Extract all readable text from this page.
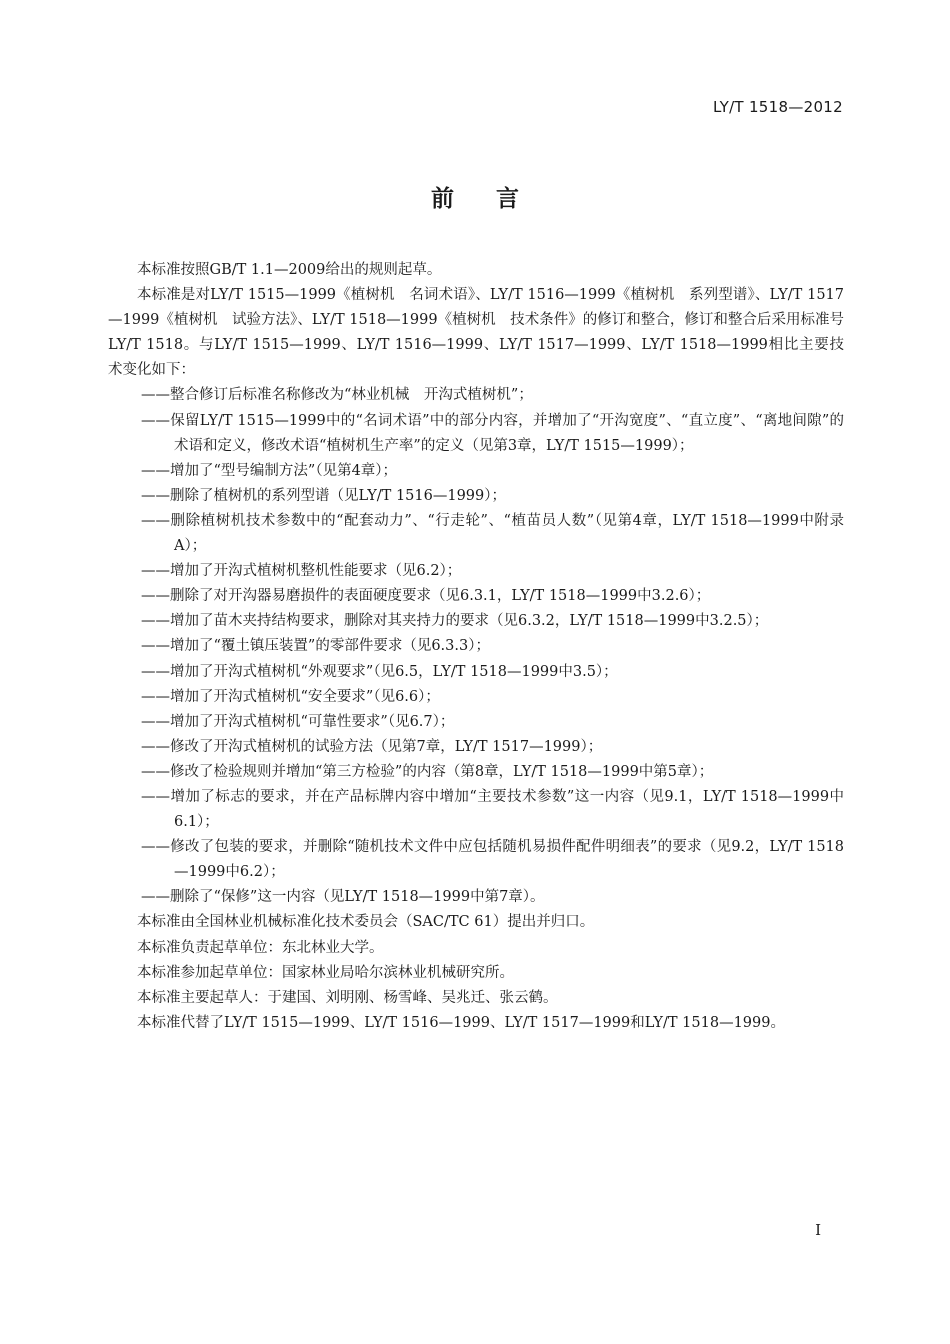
LY/T 1518—2012
前言

本标准按照GB/T 1.1—2009给出的规则起草。

本标准是对LY/T 1515—1999《植树机　名词术语》、LY/T 1516—1999《植树机　系列型谱》、LY/T 1517—1999《植树机　试验方法》、LY/T 1518—1999《植树机　技术条件》的修订和整合，修订和整合后采用标准号LY/T 1518。与LY/T 1515—1999、LY/T 1516—1999、LY/T 1517—1999、LY/T 1518—1999相比主要技术变化如下：

——整合修订后标准名称修改为“林业机械　开沟式植树机”；

——保留LY/T 1515—1999中的“名词术语”中的部分内容，并增加了“开沟宽度”、“直立度”、“离地间隙”的术语和定义，修改术语“植树机生产率”的定义（见第3章，LY/T 1515—1999）；

——增加了“型号编制方法”（见第4章）；

——删除了植树机的系列型谱（见LY/T 1516—1999）；

——删除植树机技术参数中的“配套动力”、“行走轮”、“植苗员人数”（见第4章，LY/T 1518—1999中附录A）；

——增加了开沟式植树机整机性能要求（见6.2）；

——删除了对开沟器易磨损件的表面硬度要求（见6.3.1，LY/T 1518—1999中3.2.6）；

——增加了苗木夹持结构要求，删除对其夹持力的要求（见6.3.2，LY/T 1518—1999中3.2.5）；

——增加了“覆土镇压装置”的零部件要求（见6.3.3）；

——增加了开沟式植树机“外观要求”（见6.5，LY/T 1518—1999中3.5）；

——增加了开沟式植树机“安全要求”（见6.6）；

——增加了开沟式植树机“可靠性要求”（见6.7）；

——修改了开沟式植树机的试验方法（见第7章，LY/T 1517—1999）；

——修改了检验规则并增加“第三方检验”的内容（第8章，LY/T 1518—1999中第5章）；

——增加了标志的要求，并在产品标牌内容中增加“主要技术参数”这一内容（见9.1，LY/T 1518—1999中6.1）；

——修改了包装的要求，并删除“随机技术文件中应包括随机易损件配件明细表”的要求（见9.2，LY/T 1518—1999中6.2）；

——删除了“保修”这一内容（见LY/T 1518—1999中第7章）。

本标准由全国林业机械标准化技术委员会（SAC/TC 61）提出并归口。

本标准负责起草单位：东北林业大学。

本标准参加起草单位：国家林业局哈尔滨林业机械研究所。

本标准主要起草人：于建国、刘明刚、杨雪峰、吴兆迁、张云鹤。

本标准代替了LY/T 1515—1999、LY/T 1516—1999、LY/T 1517—1999和LY/T 1518—1999。

I
